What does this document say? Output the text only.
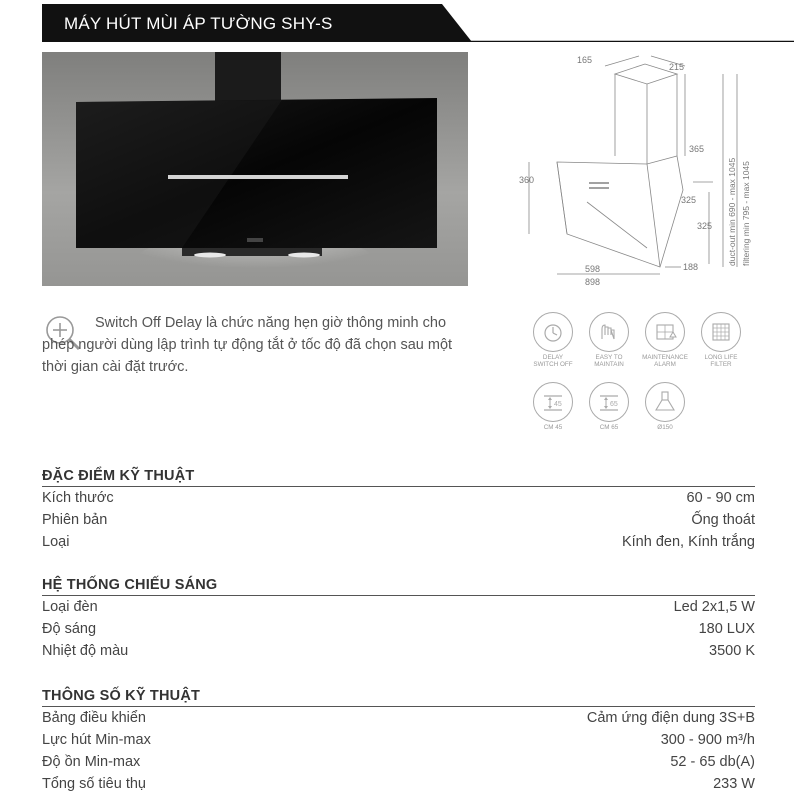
MÁY HÚT MÙI ÁP TƯỜNG SHY-S
165
215
365
360
325
325
598
898
188
duct-out min 690 - max 1045 filtering min 795 - max 1045
Switch Off Delay là chức năng hẹn giờ thông minh cho phép người dùng lập trình tự động tắt ở tốc độ đã chọn sau một thời gian cài đặt trước.
DELAY
SWITCH OFF
EASY TO
MAINTAIN
MAINTENANCE
ALARM
LONG LIFE
FILTER
45
CM 45
65
CM 65	Ø150
ĐẶC ĐIỂM KỸ THUẬT
Kích thước	60 - 90 cm
Phiên bản	Ống thoát
Loại	Kính đen, Kính trắng
HỆ THỐNG CHIẾU SÁNG
Loại đèn	Led 2x1,5 W
Độ sáng	180 LUX
Nhiệt độ màu	3500 K
THÔNG SỐ KỸ THUẬT
Bảng điều khiển	Cảm ứng điện dung 3S+B
Lực hút Min-max	300 - 900 m³/h
Độ ồn Min-max	52 - 65 db(A)
Tổng số tiêu thụ	233 W
